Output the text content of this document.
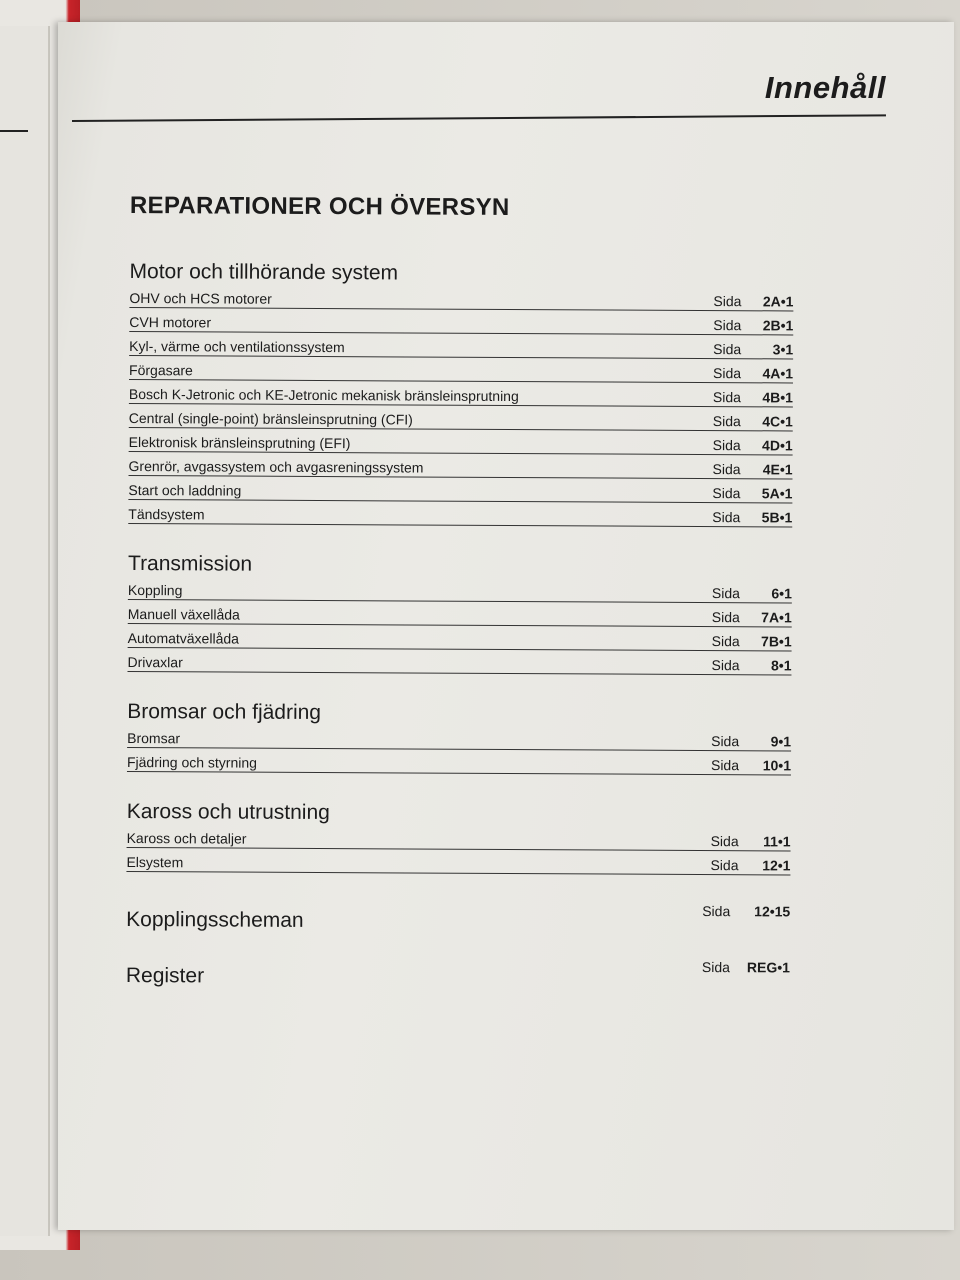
Innehåll
REPARATIONER OCH ÖVERSYN
Motor och tillhörande system
OHV och HCS motorer	Sida	2A•1
CVH motorer	Sida	2B•1
Kyl-, värme och ventilationssystem	Sida	3•1
Förgasare	Sida	4A•1
Bosch K-Jetronic och KE-Jetronic mekanisk bränsleinsprutning	Sida	4B•1
Central (single-point) bränsleinsprutning (CFI)	Sida	4C•1
Elektronisk bränsleinsprutning (EFI)	Sida	4D•1
Grenrör, avgassystem och avgasreningssystem	Sida	4E•1
Start och laddning	Sida	5A•1
Tändsystem	Sida	5B•1
Transmission
Koppling	Sida	6•1
Manuell växellåda	Sida	7A•1
Automatväxellåda	Sida	7B•1
Drivaxlar	Sida	8•1
Bromsar och fjädring
Bromsar	Sida	9•1
Fjädring och styrning	Sida	10•1
Kaross och utrustning
Kaross och detaljer	Sida	11•1
Elsystem	Sida	12•1
Kopplingsscheman	Sida	12•15
Register	Sida	REG•1
